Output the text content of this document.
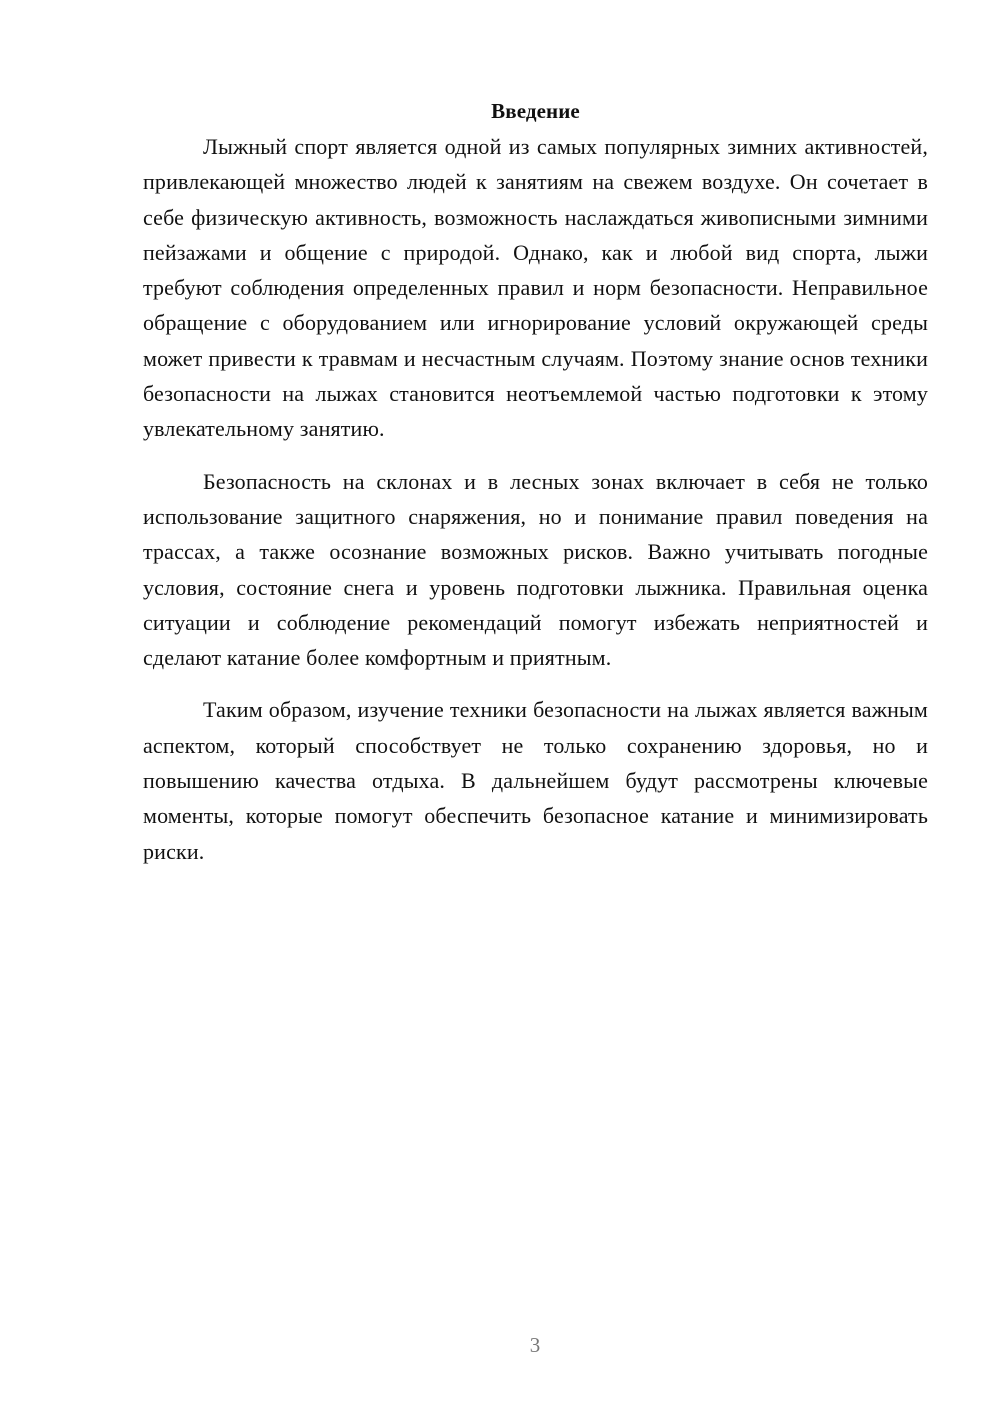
Введение

Лыжный спорт является одной из самых популярных зимних активностей, привлекающей множество людей к занятиям на свежем воздухе. Он сочетает в себе физическую активность, возможность наслаждаться живописными зимними пейзажами и общение с природой. Однако, как и любой вид спорта, лыжи требуют соблюдения определенных правил и норм безопасности. Неправильное обращение с оборудованием или игнорирование условий окружающей среды может привести к травмам и несчастным случаям. Поэтому знание основ техники безопасности на лыжах становится неотъемлемой частью подготовки к этому увлекательному занятию.

Безопасность на склонах и в лесных зонах включает в себя не только использование защитного снаряжения, но и понимание правил поведения на трассах, а также осознание возможных рисков. Важно учитывать погодные условия, состояние снега и уровень подготовки лыжника. Правильная оценка ситуации и соблюдение рекомендаций помогут избежать неприятностей и сделают катание более комфортным и приятным.

Таким образом, изучение техники безопасности на лыжах является важным аспектом, который способствует не только сохранению здоровья, но и повышению качества отдыха. В дальнейшем будут рассмотрены ключевые моменты, которые помогут обеспечить безопасное катание и минимизировать риски.

3
